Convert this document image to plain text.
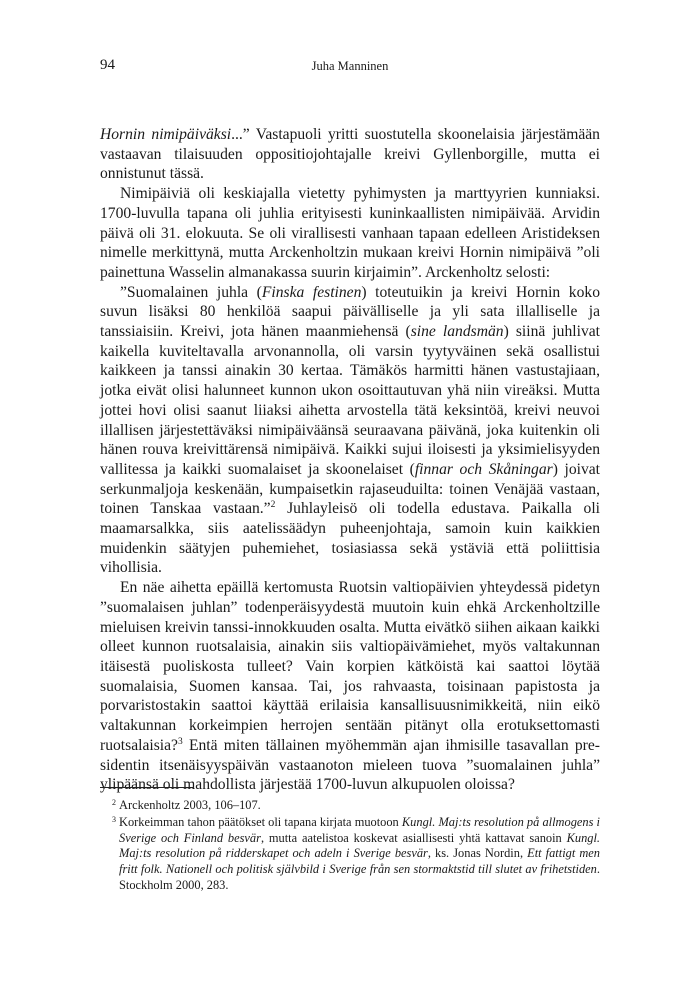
94	Juha Manninen

Hornin nimipäiväksi...” Vastapuoli yritti suostutella skoonelaisia järjestämään vastaavan tilaisuuden oppositiojohtajalle kreivi Gyllenborgille, mutta ei onnistunut tässä.

Nimipäiviä oli keskiajalla vietetty pyhimysten ja marttyyrien kunniaksi. 1700-luvulla tapana oli juhlia erityisesti kuninkaallisten nimipäivää. Arvidin päivä oli 31. elokuuta. Se oli virallisesti vanhaan tapaan edelleen Aristideksen nimelle merkittynä, mutta Arckenholtzin mukaan kreivi Hornin nimipäivä ”oli painettuna Wasselin almanakassa suurin kirjaimin”. Arckenholtz selosti:

”Suomalainen juhla (Finska festinen) toteutuikin ja kreivi Hornin koko suvun lisäksi 80 henkilöä saapui päivälliselle ja yli sata illalliselle ja tanssiaisiin. Kreivi, jota hänen maanmiehensä (sine landsmän) siinä juhlivat kaikella kuviteltavalla arvonannolla, oli varsin tyytyväinen sekä osallistui kaikkeen ja tanssi ainakin 30 kertaa. Tämäkös harmitti hänen vastustajiaan, jotka eivät olisi halunneet kunnon ukon osoittautuvan yhä niin vireäksi. Mutta jottei hovi olisi saanut liiaksi aihetta arvostella tätä keksintöä, kreivi neuvoi illallisen järjestettäväksi nimipäiväänsä seuraavana päivänä, joka kuitenkin oli hänen rouva kreivittärensä nimipäivä. Kaikki sujui iloisesti ja yksimielisyyden vallitessa ja kaikki suomalaiset ja skoonelaiset (finnar och Skåningar) joivat serkunmaljoja keskenään, kumpaisetkin rajaseuduilta: toinen Venäjää vastaan, toinen Tanskaa vastaan.”$^2$ Juhlayleisö oli todella edustava. Paikalla oli maamarsalkka, siis aatelissäädyn puheenjohtaja, samoin kuin kaikkien muidenkin säätyjen puhemiehet, tosiasiassa sekä ystäviä että poliittisia vihollisia.

En näe aihetta epäillä kertomusta Ruotsin valtiopäivien yhteydessä pidetyn ”suomalaisen juhlan” todenperäisyydestä muutoin kuin ehkä Arckenholtzille mieluisen kreivin tanssi-innokkuuden osalta. Mutta eivätkö siihen aikaan kaikki olleet kunnon ruotsalaisia, ainakin siis valtiopäivämiehet, myös valtakunnan itäisestä puoliskosta tulleet? Vain korpien kätköistä kai saattoi löytää suomalaisia, Suomen kansaa. Tai, jos rahvaasta, toisinaan papistosta ja porvaristostakin saattoi käyttää erilaisia kansallisuusnimikkeitä, niin eikö valtakunnan korkeimpien herrojen sentään pitänyt olla erotuksettomasti ruotsalaisia?$^3$ Entä miten tällainen myöhemmän ajan ihmisille tasavallan presidentin itsenäisyyspäivän vastaanoton mieleen tuova ”suomalainen juhla” ylipäänsä oli mahdollista järjestää 1700-luvun alkupuolen oloissa?

2 Arckenholtz 2003, 106–107.

3 Korkeimman tahon päätökset oli tapana kirjata muotoon Kungl. Maj:ts resolution på allmogens i Sverige och Finland besvär, mutta aatelistoa koskevat asiallisesti yhtä kattavat sanoin Kungl. Maj:ts resolution på ridderskapet och adeln i Sverige besvär, ks. Jonas Nordin, Ett fattigt men fritt folk. Nationell och politisk självbild i Sverige från sen stormaktstid till slutet av frihetstiden. Stockholm 2000, 283.
